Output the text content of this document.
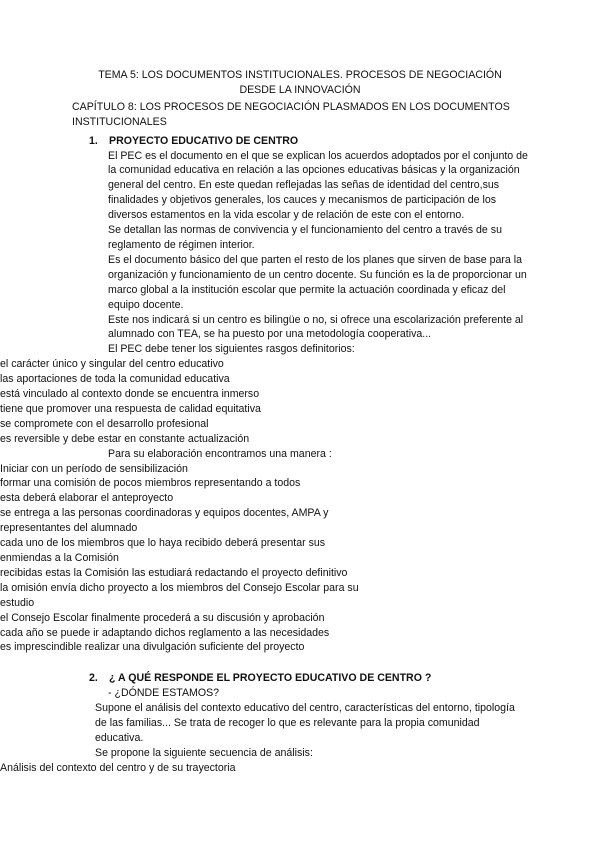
TEMA 5: LOS DOCUMENTOS INSTITUCIONALES. PROCESOS DE NEGOCIACIÓN

DESDE LA INNOVACIÓN

CAPÍTULO 8: LOS PROCESOS DE NEGOCIACIÓN PLASMADOS EN LOS DOCUMENTOS INSTITUCIONALES

1. PROYECTO EDUCATIVO DE CENTRO

El PEC es el documento en el que se explican los acuerdos adoptados por el conjunto de la comunidad educativa en relación a las opciones educativas básicas y la organización general del centro. En este quedan reflejadas las señas de identidad del centro,sus finalidades y objetivos generales, los cauces y mecanismos de participación de los diversos estamentos en la vida escolar y de relación de este con el entorno.

Se detallan las normas de convivencia y el funcionamiento del centro a través de su reglamento de régimen interior.

Es el documento básico del que parten el resto de los planes que sirven de base para la organización y funcionamiento de un centro docente. Su función es la de proporcionar un marco global a la institución escolar que permite la actuación coordinada y eficaz del equipo docente.

Este nos indicará si un centro es bilingüe o no, si ofrece una escolarización preferente al alumnado con TEA, se ha puesto por una metodología cooperativa...

El PEC debe tener los siguientes rasgos definitorios:

el carácter único y singular del centro educativo
las aportaciones de toda la comunidad educativa
está vinculado al contexto donde se encuentra inmerso
tiene que promover una respuesta de calidad equitativa
se compromete con el desarrollo profesional
es reversible y debe estar en constante actualización

Para su elaboración encontramos una manera :

Iniciar con un período de sensibilización
formar una comisión de pocos miembros representando a todos
esta deberá elaborar el anteproyecto
se entrega a las personas coordinadoras y equipos docentes, AMPA y representantes del alumnado
cada uno de los miembros que lo haya recibido deberá presentar sus enmiendas a la Comisión
recibidas estas la Comisión las estudiará redactando el proyecto definitivo
la omisión envía dicho proyecto a los miembros del Consejo Escolar para su estudio
el Consejo Escolar finalmente procederá a su discusión y aprobación
cada año se puede ir adaptando dichos reglamento a las necesidades
es imprescindible realizar una divulgación suficiente del proyecto
2. ¿ A QUÉ RESPONDE EL PROYECTO EDUCATIVO DE CENTRO ?

- ¿DÓNDE ESTAMOS?

Supone el análisis del contexto educativo del centro, características del entorno, tipología de las familias... Se trata de recoger lo que es relevante para la propia comunidad educativa.

Se propone la siguiente secuencia de análisis:

Análisis del contexto del centro y de su trayectoria
